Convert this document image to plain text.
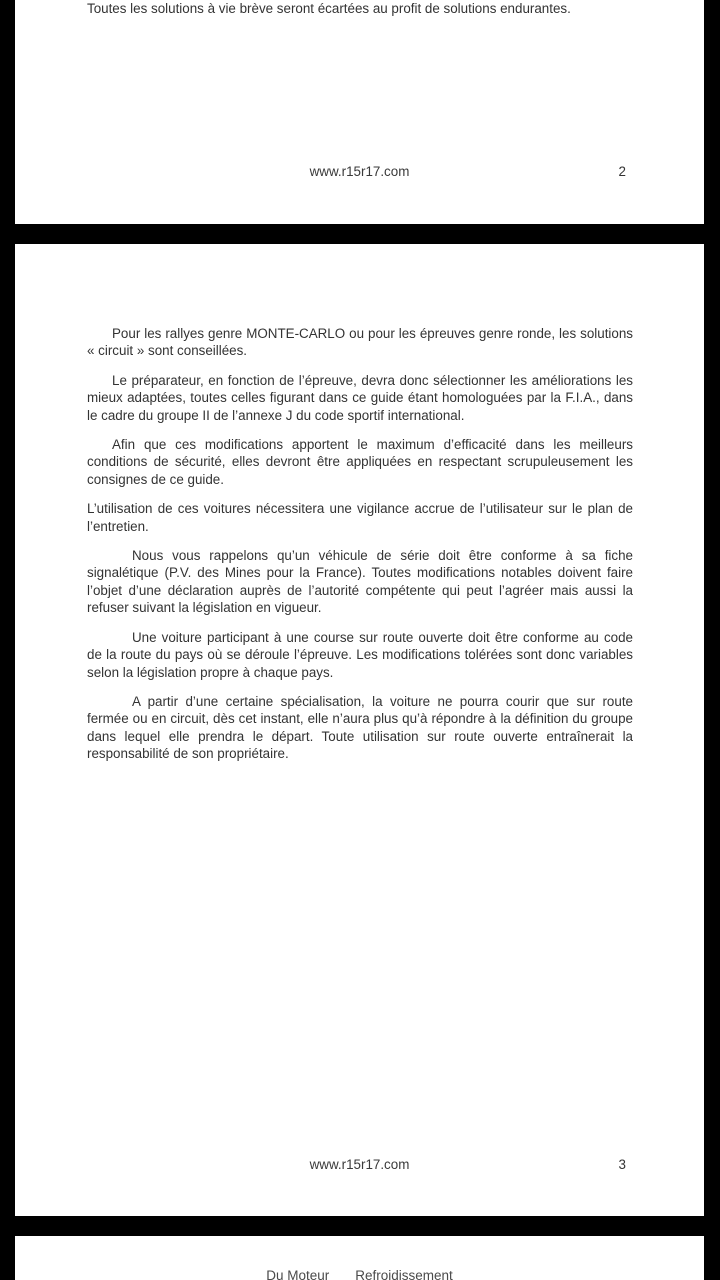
Toutes les solutions à vie brève seront écartées au profit de solutions endurantes.

www.r15r17.com	2

Pour les rallyes genre MONTE-CARLO ou pour les épreuves genre ronde, les solutions « circuit » sont conseillées.

Le préparateur, en fonction de l’épreuve, devra donc sélectionner les améliorations les mieux adaptées, toutes celles figurant dans ce guide étant homologuées par la F.I.A., dans le cadre du groupe II de l’annexe J du code sportif international.

Afin que ces modifications apportent le maximum d’efficacité dans les meilleurs conditions de sécurité, elles devront être appliquées en respectant scrupuleusement les consignes de ce guide.

L’utilisation de ces voitures nécessitera une vigilance accrue de l’utilisateur sur le plan de l’entretien.

Nous vous rappelons qu’un véhicule de série doit être conforme à sa fiche signalétique (P.V. des Mines pour la France). Toutes modifications notables doivent faire l’objet d’une déclaration auprès de l’autorité compétente qui peut l’agréer mais aussi la refuser suivant la législation en vigueur.

Une voiture participant à une course sur route ouverte doit être conforme au code de la route du pays où se déroule l’épreuve. Les modifications tolérées sont donc variables selon la législation propre à chaque pays.

A partir d’une certaine spécialisation, la voiture ne pourra courir que sur route fermée ou en circuit, dès cet instant, elle n’aura plus qu’à répondre à la définition du groupe dans lequel elle prendra le départ. Toute utilisation sur route ouverte entraînerait la responsabilité de son propriétaire.

www.r15r17.com	3
Du Moteur Refroidissement
